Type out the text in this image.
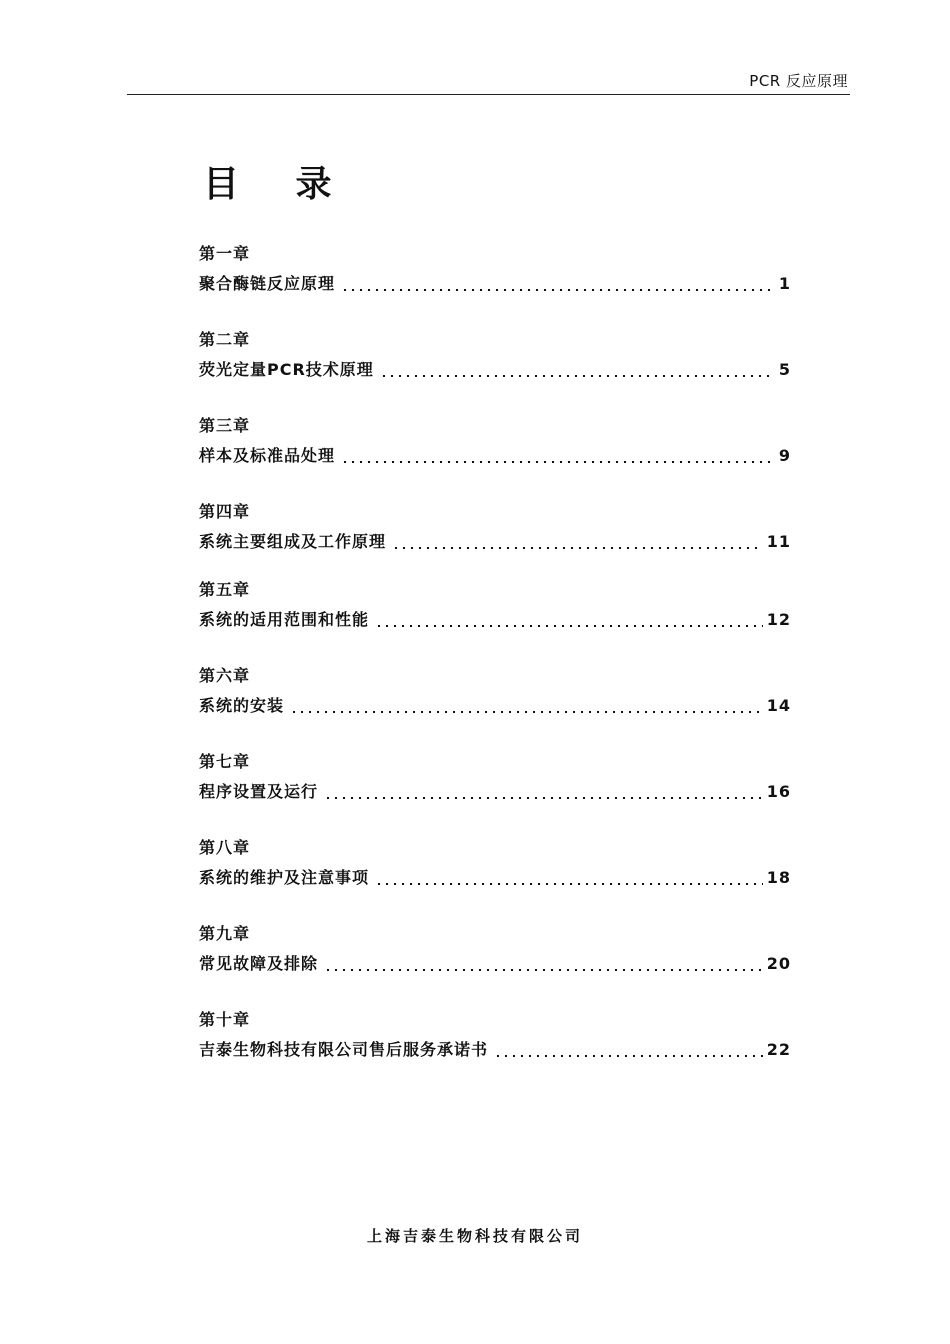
PCR 反应原理
目 录
第一章
聚合酶链反应原理	1
第二章
荧光定量PCR技术原理	5
第三章
样本及标准品处理	9
第四章
系统主要组成及工作原理	11
第五章
系统的适用范围和性能	12
第六章
系统的安装	14
第七章
程序设置及运行	16
第八章
系统的维护及注意事项	18
第九章
常见故障及排除	20
第十章
吉泰生物科技有限公司售后服务承诺书	22
上海吉泰生物科技有限公司
